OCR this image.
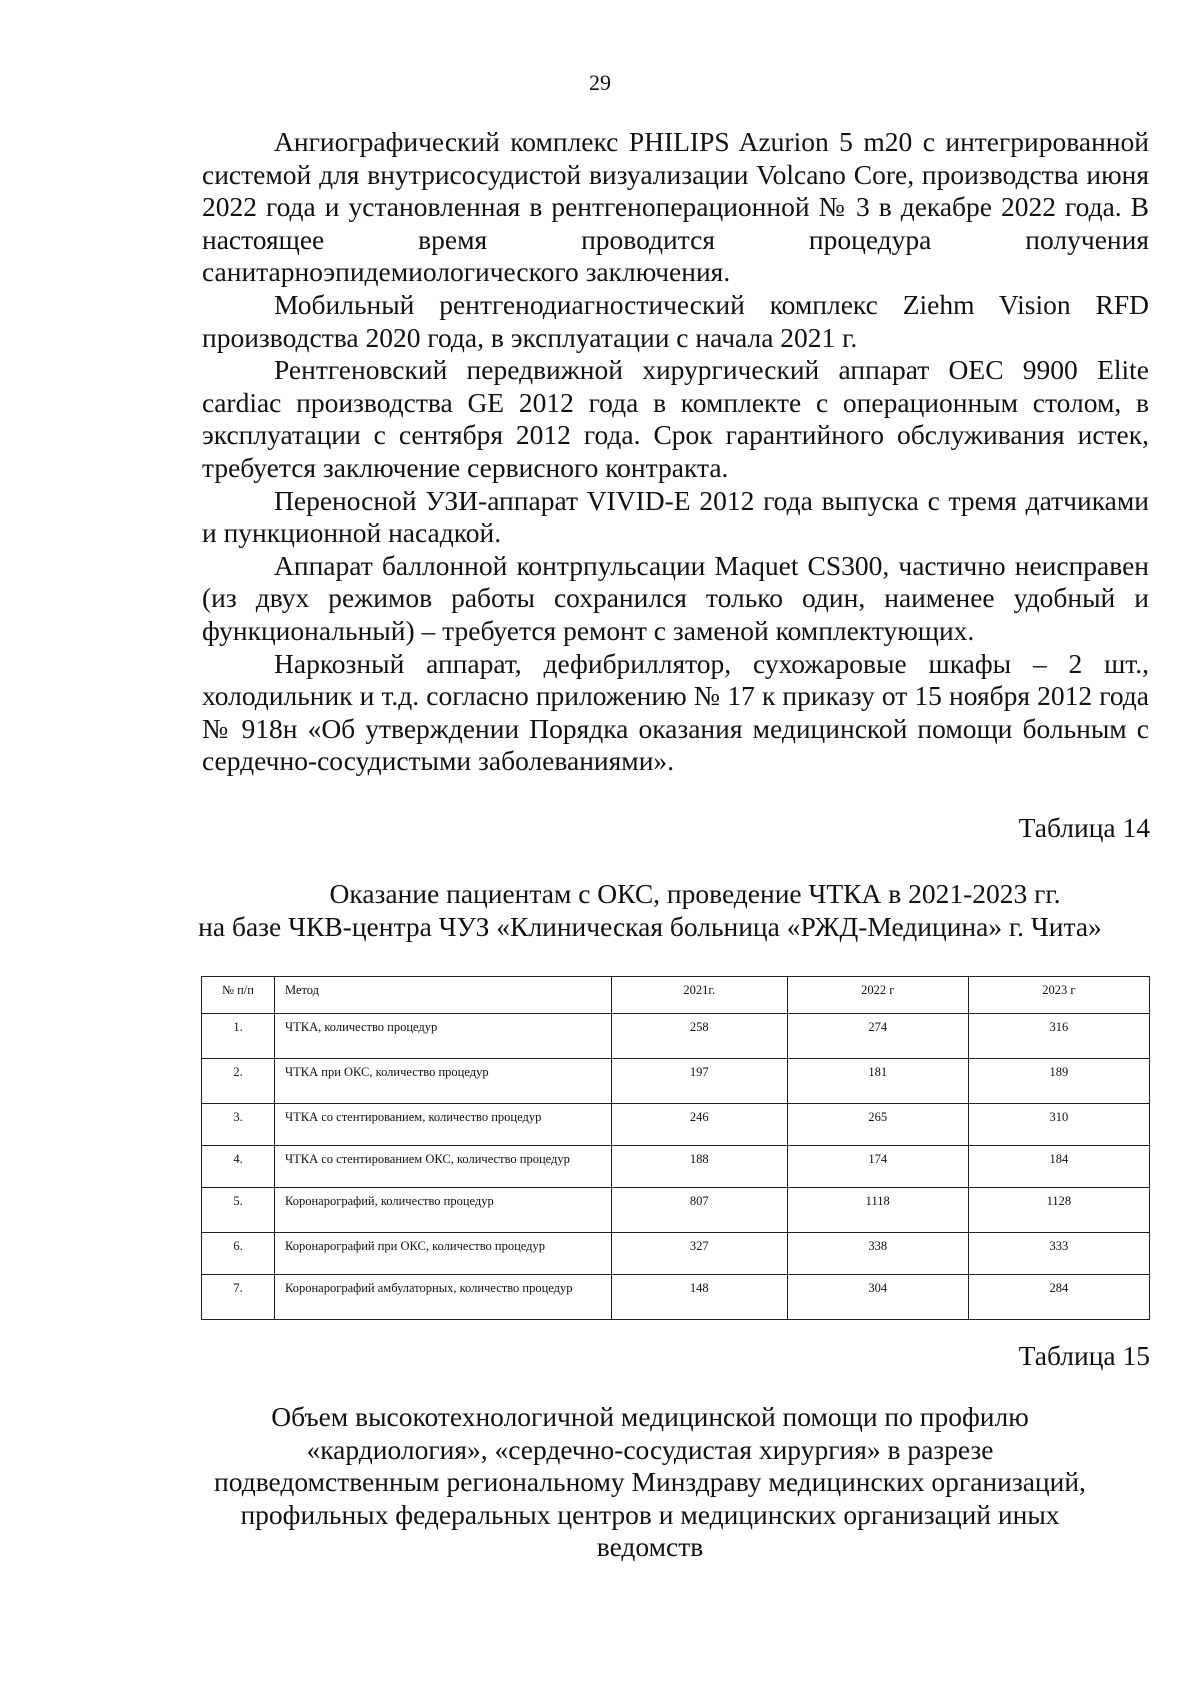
29

Ангиографический комплекс PHILIPS Azurion 5 m20 с интегрированной системой для внутрисосудистой визуализации Volcano Core, производства июня 2022 года и установленная в рентгеноперационной № 3 в декабре 2022 года. В настоящее время проводится процедура получения санитарноэпидемиологического заключения.

Мобильный рентгенодиагностический комплекс Ziehm Vision RFD производства 2020 года, в эксплуатации с начала 2021 г.

Рентгеновский передвижной хирургический аппарат OEC 9900 Elite cardiac производства GE 2012 года в комплекте с операционным столом, в эксплуатации с сентября 2012 года. Срок гарантийного обслуживания истек, требуется заключение сервисного контракта.

Переносной УЗИ-аппарат VIVID-E 2012 года выпуска с тремя датчиками и пункционной насадкой.

Аппарат баллонной контрпульсации Maquet CS300, частично неисправен (из двух режимов работы сохранился только один, наименее удобный и функциональный) – требуется ремонт с заменой комплектующих.

Наркозный аппарат, дефибриллятор, сухожаровые шкафы – 2 шт., холодильник и т.д. согласно приложению № 17 к приказу от 15 ноября 2012 года № 918н «Об утверждении Порядка оказания медицинской помощи больным с сердечно-сосудистыми заболеваниями».

Таблица 14

Оказание пациентам с ОКС, проведение ЧТКА в 2021-2023 гг.
на базе ЧКВ-центра ЧУЗ «Клиническая больница «РЖД-Медицина» г. Чита»
№ п/п	Метод	2021г.	2022 г	2023 г
1.	ЧТКА, количество процедур	258	274	316
2.	ЧТКА при ОКС, количество процедур	197	181	189
3.	ЧТКА со стентированием, количество процедур	246	265	310
4.	ЧТКА со стентированием ОКС, количество процедур	188	174	184
5.	Коронарографий, количество процедур	807	1118	1128
6.	Коронарографий при ОКС, количество процедур	327	338	333
7.	Коронарографий амбулаторных, количество процедур	148	304	284

Таблица 15

Объем высокотехнологичной медицинской помощи по профилю
«кардиология», «сердечно-сосудистая хирургия» в разрезе
подведомственным региональному Минздраву медицинских организаций,
профильных федеральных центров и медицинских организаций иных
ведомств
